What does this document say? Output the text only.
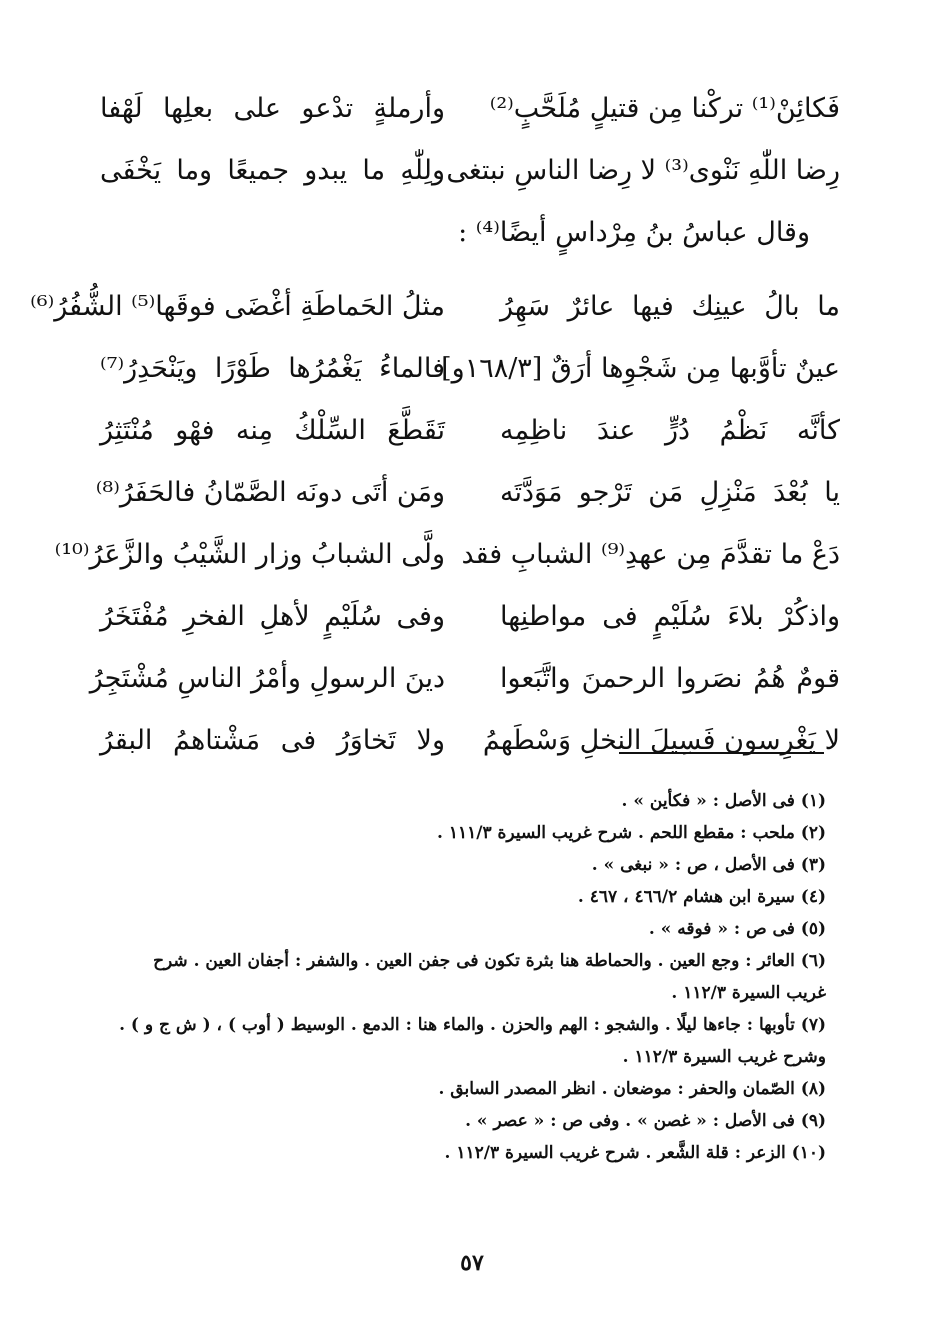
فَكائِنْ⁽¹⁾ تركْنا مِن قتيلٍ مُلَحَّبٍ⁽²⁾
وأرملةٍ تدْعو على بعلِها لَهْفا
رِضا اللّٰهِ نَنْوى⁽³⁾ لا رِضا الناسِ نبتغى
ولِلّٰهِ ما يبدو جميعًا وما يَخْفَى
وقال عباسُ بنُ مِرْداسٍ أيضًا⁽⁴⁾ :
ما بالُ عينِك فيها عائرٌ سَهِرُ
مثلُ الحَماطَةِ أغْضَى فوقَها⁽⁵⁾ الشُّفُرُ⁽⁶⁾
عينٌ تأوَّبها مِن شَجْوِها أرَقٌ [١٦٨/٣و]
فالماءُ يَغْمُرُها طَوْرًا ويَنْحَدِرُ⁽⁷⁾
كأنَّه نَظْمُ دُرٍّ عندَ ناظِمِه
تَقَطَّعَ السِّلْكُ مِنه فهْو مُنْتَثِرُ
يا بُعْدَ مَنْزِلِ مَن تَرْجو مَوَدَّتَه
ومَن أتَى دونَه الصَّمّانُ فالحَفَرُ⁽⁸⁾
دَعْ ما تقدَّمَ مِن عهدِ⁽⁹⁾ الشبابِ فقد
ولَّى الشبابُ وزار الشَّيْبُ والزَّعَرُ⁽¹⁰⁾
واذكُرْ بلاءَ سُلَيْمٍ فى مواطنِها
وفى سُلَيْمٍ لأهلِ الفخرِ مُفْتَخَرُ
قومٌ هُمُ نصَروا الرحمنَ واتَّبَعوا
دينَ الرسولِ وأمْرُ الناسِ مُشْتَجِرُ
لا يَغْرِسون فَسِيلَ النخلِ وَسْطَهمُ
ولا تَخاوَرُ فى مَشْتاهمُ البقرُ

(١) فى الأصل : « فكأين » .

(٢) ملحب : مقطع اللحم . شرح غريب السيرة ١١١/٣ .

(٣) فى الأصل ، ص : « نبغى » .

(٤) سيرة ابن هشام ٤٦٦/٢ ، ٤٦٧ .

(٥) فى ص : « فوقه » .

(٦) العائر : وجع العين . والحماطة هنا بثرة تكون فى جفن العين . والشفر : أجفان العين . شرح غريب السيرة ١١٢/٣ .

(٧) تأوبها : جاءها ليلًا . والشجو : الهم والحزن . والماء هنا : الدمع . الوسيط ( أوب ) ، ( ش ج و ) . وشرح غريب السيرة ١١٢/٣ .

(٨) الصّمان والحفر : موضعان . انظر المصدر السابق .

(٩) فى الأصل : « غصن » . وفى ص : « عصر » .

(١٠) الزعر : قلة الشَّعر . شرح غريب السيرة ١١٢/٣ .

٥٧
